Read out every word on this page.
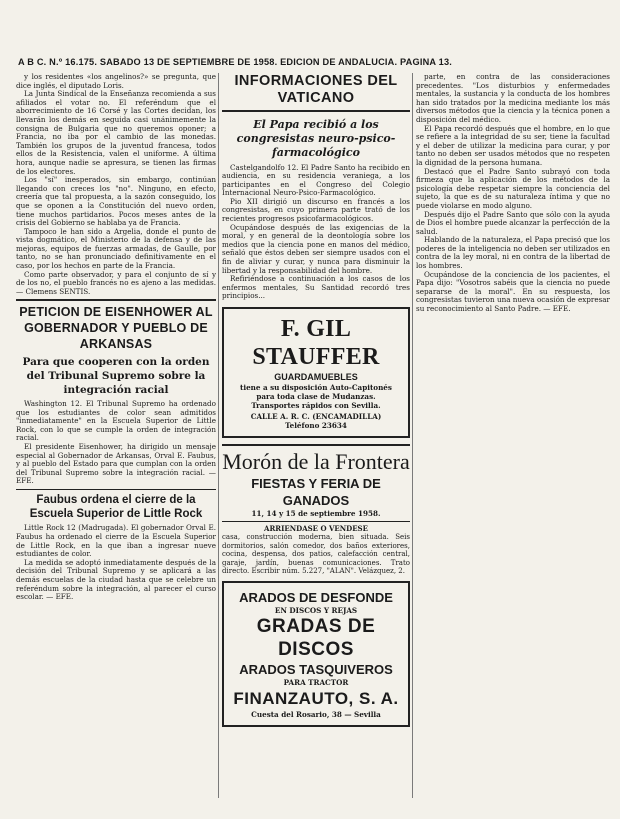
A B C. N.º 16.175. SABADO 13 DE SEPTIEMBRE DE 1958. EDICION DE ANDALUCIA. PAGINA 13.

y los residentes «los angelinos?» se pregunta, que dice inglés, el diputado Loris.

La Junta Sindical de la Enseñanza recomienda a sus afiliados el votar no. El referéndum que el aborrecimiento de 16 Corsé y las Cortes decidan, los llevarán los demás en seguida casi unánimemente la consigna de Bulgaria que no queremos oponer; a Francia, no iba por el cambio de las monedas. También los grupos de la juventud francesa, todos ellos de la Resistencia, valen el uniforme. A última hora, aunque nadie se apresura, se tienen las firmas de los electores.

Los "sí" inesperados, sin embargo, continúan llegando con creces los "no". Ninguno, en efecto, creería que tal propuesta, a la sazón conseguido, los que se oponen a la Constitución del nuevo orden, tiene muchos partidarios. Pocos meses antes de la crisis del Gobierno se hablaba ya de Francia.

Tampoco le han sido a Argelia, donde el punto de vista dogmático, el Ministerio de la defensa y de las mejoras, equipos de fuerzas armadas, de Gaulle, por tanto, no se han pronunciado definitivamente en el caso, por los hechos en parte de la Francia.

Como parte observador, y para el conjunto de sí y de los no, el pueblo francés no es ajeno a las medidas. — Clemens SENTIS.

PETICION DE EISENHOWER AL GOBERNADOR Y PUEBLO DE ARKANSAS
Para que cooperen con la orden del Tribunal Supremo sobre la integración racial

Washington 12. El Tribunal Supremo ha ordenado que los estudiantes de color sean admitidos "inmediatamente" en la Escuela Superior de Little Rock, con lo que se cumple la orden de integración racial.

El presidente Eisenhower, ha dirigido un mensaje especial al Gobernador de Arkansas, Orval E. Faubus, y al pueblo del Estado para que cumplan con la orden del Tribunal Supremo sobre la integración racial. — EFE.

Faubus ordena el cierre de la Escuela Superior de Little Rock

Little Rock 12 (Madrugada). El gobernador Orval E. Faubus ha ordenado el cierre de la Escuela Superior de Little Rock, en la que iban a ingresar nueve estudiantes de color.

La medida se adoptó inmediatamente después de la decisión del Tribunal Supremo y se aplicará a las demás escuelas de la ciudad hasta que se celebre un referéndum sobre la integración, al parecer el curso escolar. — EFE.

INFORMACIONES DEL VATICANO
El Papa recibió a los congresistas neuro-psico-farmacológico

Castelgandolfo 12. El Padre Santo ha recibido en audiencia, en su residencia veraniega, a los participantes en el Congreso del Colegio Internacional Neuro-Psico-Farmacológico.

Pio XII dirigió un discurso en francés a los congresistas, en cuyo primera parte trató de los recientes progresos psicofarmacológicos.

Ocupándose después de las exigencias de la moral, y en general de la deontología sobre los medios que la ciencia pone en manos del médico, señaló que éstos deben ser siempre usados con el fin de aliviar y curar, y nunca para disminuir la libertad y la responsabilidad del hombre.

Refiriéndose a continuación a los casos de los enfermos mentales, Su Santidad recordó tres principios...

F. GIL STAUFFER
GUARDAMUEBLES
tiene a su disposición Auto-Capitonés para toda clase de Mudanzas.
Transportes rápidos con Sevilla.
CALLE A. R. C. (ENCAMADILLA)
Teléfono 23634
Morón de la Frontera
FIESTAS Y FERIA DE GANADOS
11, 14 y 15 de septiembre 1958.
ARRIENDASE O VENDESE
casa, construcción moderna, bien situada. Seis dormitorios, salón comedor, dos baños exteriores, cocina, despensa, dos patios, calefacción central, garaje, jardín, buenas comunicaciones. Trato directo. Escribir núm. 5.227, "ALAN". Velázquez, 2.
ARADOS DE DESFONDE
EN DISCOS Y REJAS
GRADAS DE DISCOS
ARADOS TASQUIVEROS
PARA TRACTOR
FINANZAUTO, S. A.
Cuesta del Rosario, 38 — Sevilla

parte, en contra de las consideraciones precedentes. "Los disturbios y enfermedades mentales, la sustancia y la conducta de los hombres han sido tratados por la medicina mediante los más diversos métodos que la ciencia y la técnica ponen a disposición del médico.

El Papa recordó después que el hombre, en lo que se refiere a la integridad de su ser, tiene la facultad y el deber de utilizar la medicina para curar, y por tanto no deben ser usados métodos que no respeten la dignidad de la persona humana.

Destacó que el Padre Santo subrayó con toda firmeza que la aplicación de los métodos de la psicología debe respetar siempre la conciencia del sujeto, la que es de su naturaleza íntima y que no puede violarse en modo alguno.

Después dijo el Padre Santo que sólo con la ayuda de Dios el hombre puede alcanzar la perfección de la salud.

Hablando de la naturaleza, el Papa precisó que los poderes de la inteligencia no deben ser utilizados en contra de la ley moral, ni en contra de la libertad de los hombres.

Ocupándose de la conciencia de los pacientes, el Papa dijo: "Vosotros sabéis que la ciencia no puede separarse de la moral". En su respuesta, los congresistas tuvieron una nueva ocasión de expresar su reconocimiento al Santo Padre. — EFE.
